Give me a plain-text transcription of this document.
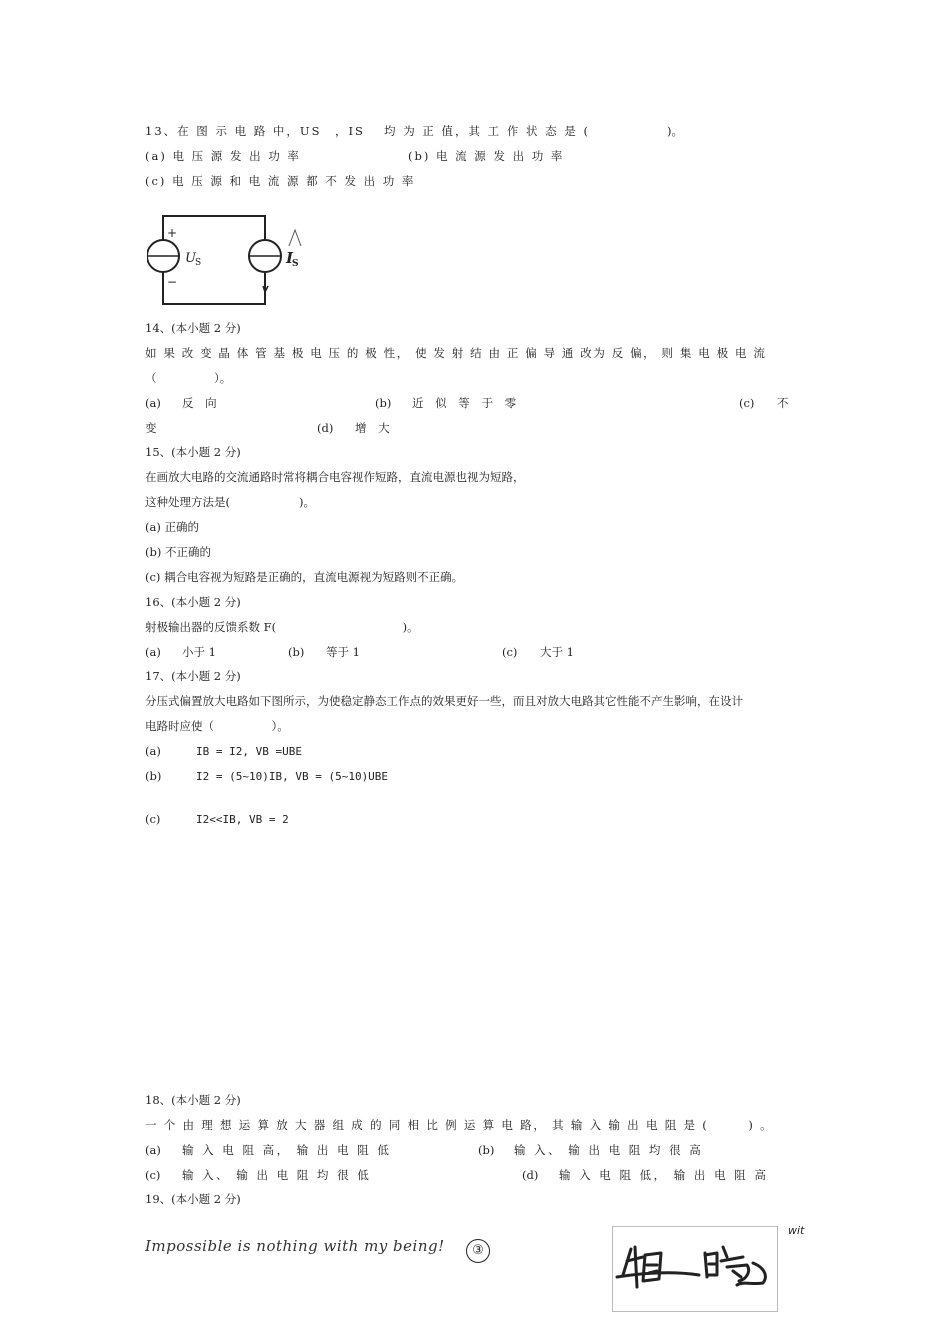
13、在 图 示 电 路 中，US　，IS　 均 为 正 值，其 工 作 状 态 是 (	)。
(a) 电 压 源 发 出 功 率	(b) 电 流 源 发 出 功 率
(c) 电 压 源 和 电 流 源 都 不 发 出 功 率
+
−
U S	I
S
14、(本小题 2 分)
如 果 改 变 晶 体 管 基 极 电 压 的 极 性， 使 发 射 结 由 正 偏 导 通 改为 反 偏， 则 集 电 极 电 流
（　　　　　）。
(a) 反 向	(b) 近 似 等 于 零	(c) 不
变	(d) 增 大
15、(本小题 2 分)
在画放大电路的交流通路时常将耦合电容视作短路，直流电源也视为短路，
这种处理方法是(　　　　　　)。
(a) 正确的
(b) 不正确的
(c) 耦合电容视为短路是正确的，直流电源视为短路则不正确。
16、(本小题 2 分)
射极输出器的反馈系数 F(　　　　　　　　　　　)。
(a) 小于 1	(b) 等于 1	(c) 大于 1
17、(本小题 2 分)
分压式偏置放大电路如下图所示，为使稳定静态工作点的效果更好一些，而且对放大电路其它性能不产生影响，在设计
电路时应使（　　　　　）。
(a)	IB = I2, VB =UBE
(b)	I2 = (5~10)IB, VB = (5~10)UBE
(c)	I2<<IB, VB = 2
18、(本小题 2 分)
一 个 由 理 想 运 算 放 大 器 组 成 的 同 相 比 例 运 算 电 路， 其 输 入 输 出 电 阻 是 (　　　) 。
(a) 输 入 电 阻 高， 输 出 电 阻 低	(b) 输 入、 输 出 电 阻 均 很 高
(c) 输 入、 输 出 电 阻 均 很 低	(d) 输 入 电 阻 低， 输 出 电 阻 高
19、(本小题 2 分)
Impossible is nothing with my being!	③
wit
